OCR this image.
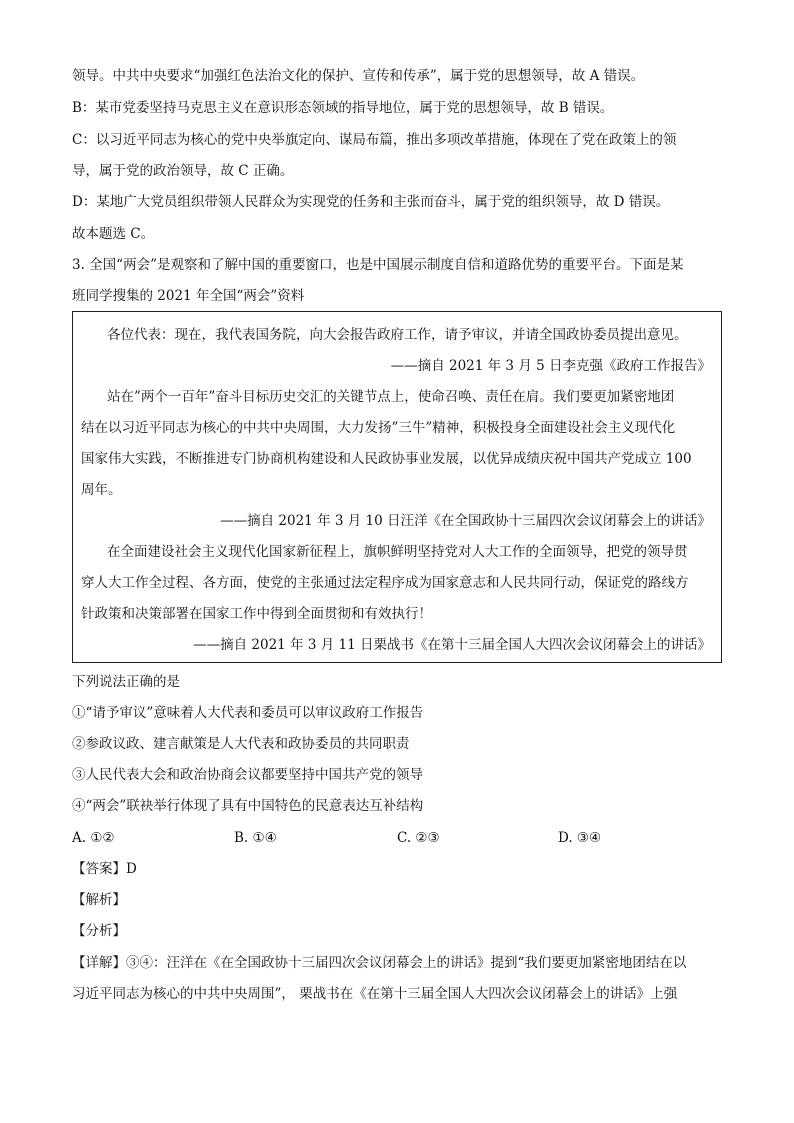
领导。中共中央要求“加强红色法治文化的保护、宣传和传承”，属于党的思想领导，故 A 错误。
B：某市党委坚持马克思主义在意识形态领域的指导地位，属于党的思想领导，故 B 错误。
C：以习近平同志为核心的党中央举旗定向、谋局布篇，推出多项改革措施，体现在了党在政策上的领
导，属于党的政治领导，故 C 正确。
D：某地广大党员组织带领人民群众为实现党的任务和主张而奋斗，属于党的组织领导，故 D 错误。
故本题选 C。
3. 全国“两会”是观察和了解中国的重要窗口，也是中国展示制度自信和道路优势的重要平台。下面是某
班同学搜集的 2021 年全国“两会”资料
各位代表：现在，我代表国务院，向大会报告政府工作，请予审议，并请全国政协委员提出意见。
——摘自 2021 年 3 月 5 日李克强《政府工作报告》
站在”两个一百年”奋斗目标历史交汇的关键节点上，使命召唤、责任在肩。我们要更加紧密地团
结在以习近平同志为核心的中共中央周围，大力发扬”三牛”精神，积极投身全面建设社会主义现代化
国家伟大实践，不断推进专门协商机构建设和人民政协事业发展，以优异成绩庆祝中国共产党成立 100
周年。
——摘自 2021 年 3 月 10 日汪洋《在全国政协十三届四次会议闭幕会上的讲话》
在全面建设社会主义现代化国家新征程上，旗帜鲜明坚持党对人大工作的全面领导，把党的领导贯
穿人大工作全过程、各方面，使党的主张通过法定程序成为国家意志和人民共同行动，保证党的路线方
针政策和决策部署在国家工作中得到全面贯彻和有效执行！
——摘自 2021 年 3 月 11 日栗战书《在第十三届全国人大四次会议闭幕会上的讲话》
下列说法正确的是
①“请予审议”意味着人大代表和委员可以审议政府工作报告
②参政议政、建言献策是人大代表和政协委员的共同职责
③人民代表大会和政治协商会议都要坚持中国共产党的领导
④“两会”联袂举行体现了具有中国特色的民意表达互补结构
A. ①②	B. ①④	C. ②③	D. ③④
【答案】D
【解析】
【分析】
【详解】③④：汪洋在《在全国政协十三届四次会议闭幕会上的讲话》提到“我们要更加紧密地团结在以
习近平同志为核心的中共中央周围”， 栗战书在《在第十三届全国人大四次会议闭幕会上的讲话》上强
